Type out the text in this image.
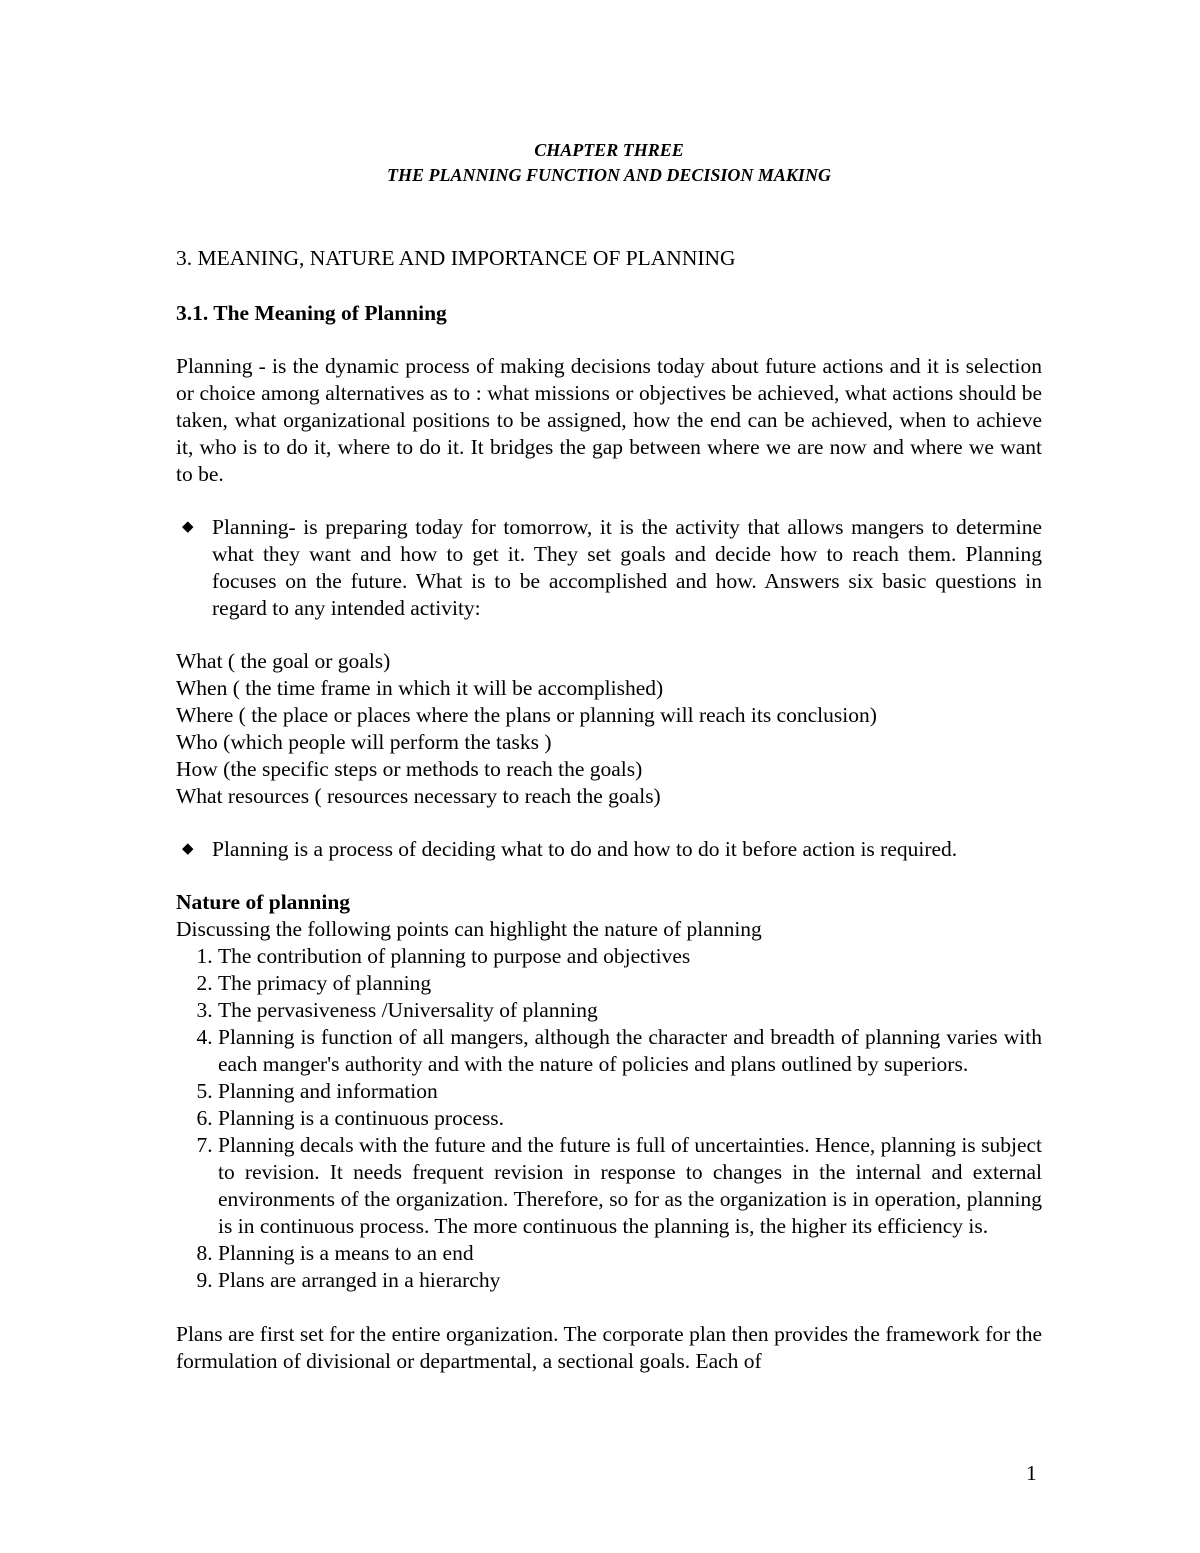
CHAPTER THREE
THE PLANNING FUNCTION AND DECISION MAKING
3. MEANING, NATURE AND IMPORTANCE OF PLANNING
3.1. The Meaning of Planning
Planning - is the dynamic process of making decisions today about future actions and it is selection or choice among alternatives as to : what missions or objectives be achieved, what actions should be taken, what organizational positions to be assigned, how the end can be achieved, when to achieve it, who is to do it, where to do it. It bridges the gap between where we are now and where we want to be.
◆ Planning- is preparing today for tomorrow, it is the activity that allows mangers to determine what they want and how to get it. They set goals and decide how to reach them. Planning focuses on the future. What is to be accomplished and how. Answers six basic questions in regard to any intended activity:
What ( the goal or goals)
When ( the time frame in which it will be accomplished)
Where ( the place or places where the plans or planning will reach its conclusion)
Who (which people will perform the tasks )
How (the specific steps or methods to reach the goals)
What resources ( resources necessary to reach the goals)
◆ Planning is a process of deciding what to do and how to do it before action is required.
Nature of planning
Discussing the following points can highlight the nature of planning
1. The contribution of planning to purpose and objectives
2. The primacy of planning
3. The pervasiveness /Universality of planning
4. Planning is function of all mangers, although the character and breadth of planning varies with each manger's authority and with the nature of policies and plans outlined by superiors.
5. Planning and information
6. Planning is a continuous process.
7. Planning decals with the future and the future is full of uncertainties. Hence, planning is subject to revision. It needs frequent revision in response to changes in the internal and external environments of the organization. Therefore, so for as the organization is in operation, planning is in continuous process. The more continuous the planning is, the higher its efficiency is.
8. Planning is a means to an end
9. Plans are arranged in a hierarchy
Plans are first set for the entire organization. The corporate plan then provides the framework for the formulation of divisional or departmental, a sectional goals. Each of
1
